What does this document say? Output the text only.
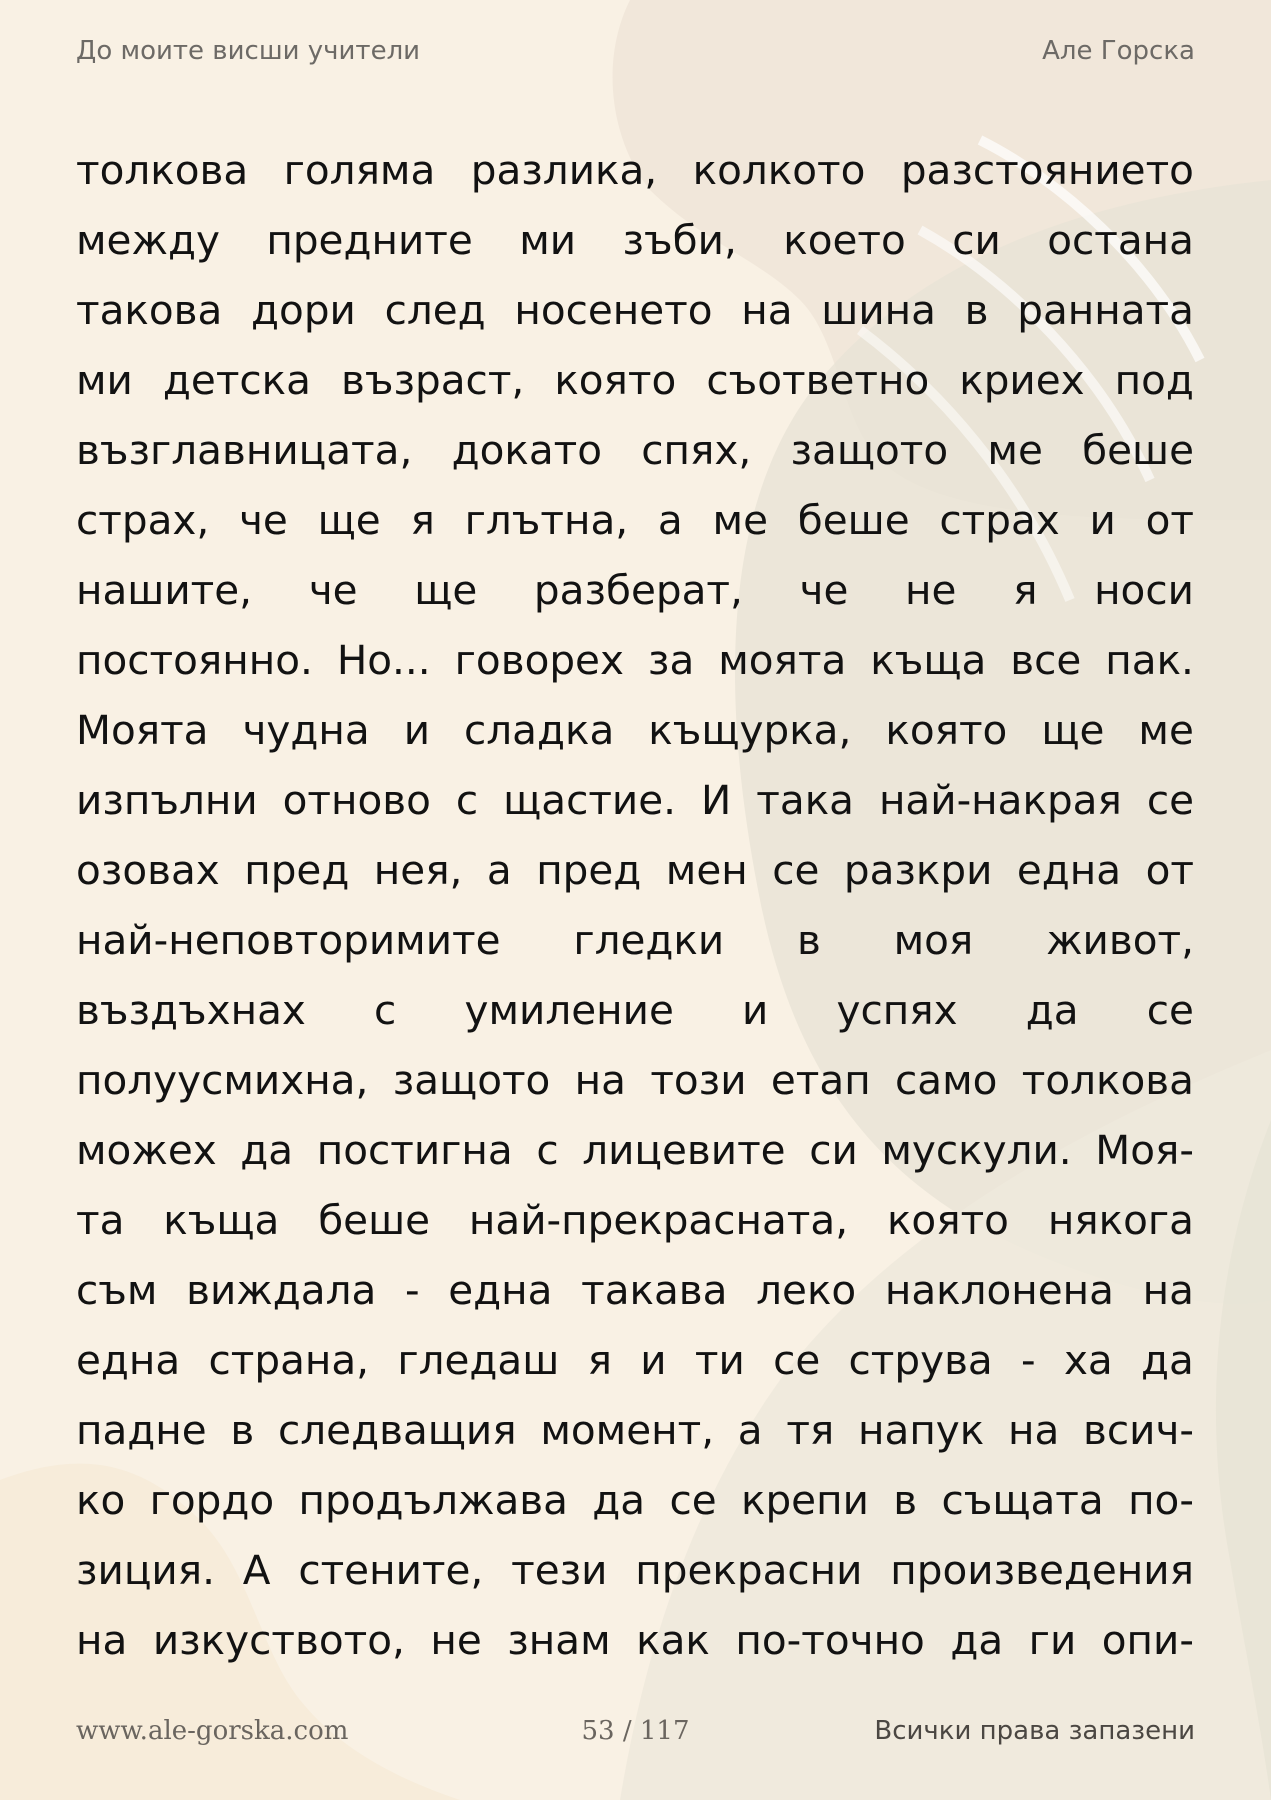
До моите висши учители	Але Горска
толкова голяма разлика, колкото разстоянието
между предните ми зъби, което си остана
такова дори след носенето на шина в ранната
ми детска възраст, която съответно криех под
възглавницата, докато спях, защото ме беше
страх, че ще я глътна, а ме беше страх и от
нашите, че ще разберат, че не я носи
постоянно. Но... говорех за моята къща все пак.
Моята чудна и сладка къщурка, която ще ме
изпълни отново с щастие. И така най-накрая се
озовах пред нея, а пред мен се разкри една от
най-неповторимите гледки в моя живот,
въздъхнах с умиление и успях да се
полуусмихна, защото на този етап само толкова
можех да постигна с лицевите си мускули. Моя-
та къща беше най-прекрасната, която някога
съм виждала - една такава леко наклонена на
една страна, гледаш я и ти се струва - ха да
падне в следващия момент, а тя напук на всич-
ко гордо продължава да се крепи в същата по-
зиция. А стените, тези прекрасни произведения
на изкуството, не знам как по-точно да ги опи-
www.ale-gorska.com	53 / 117	Всички права запазени
